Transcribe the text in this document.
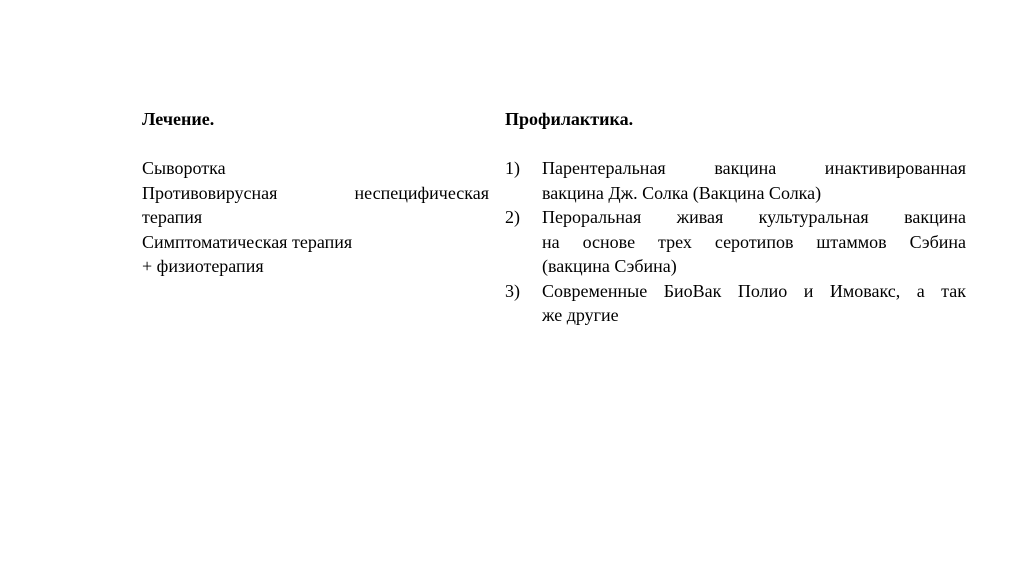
Лечение.
Сыворотка
Противовирусная неспецифическая
терапия
Симптоматическая терапия
+ физиотерапия
Профилактика.
1)	Парентеральная вакцина инактивированная
вакцина Дж. Солка (Вакцина Солка)
2)	Пероральная живая культуральная вакцина
на основе трех серотипов штаммов Сэбина
(вакцина Сэбина)
3)	Современные БиоВак Полио и Имовакс, а так
же другие
